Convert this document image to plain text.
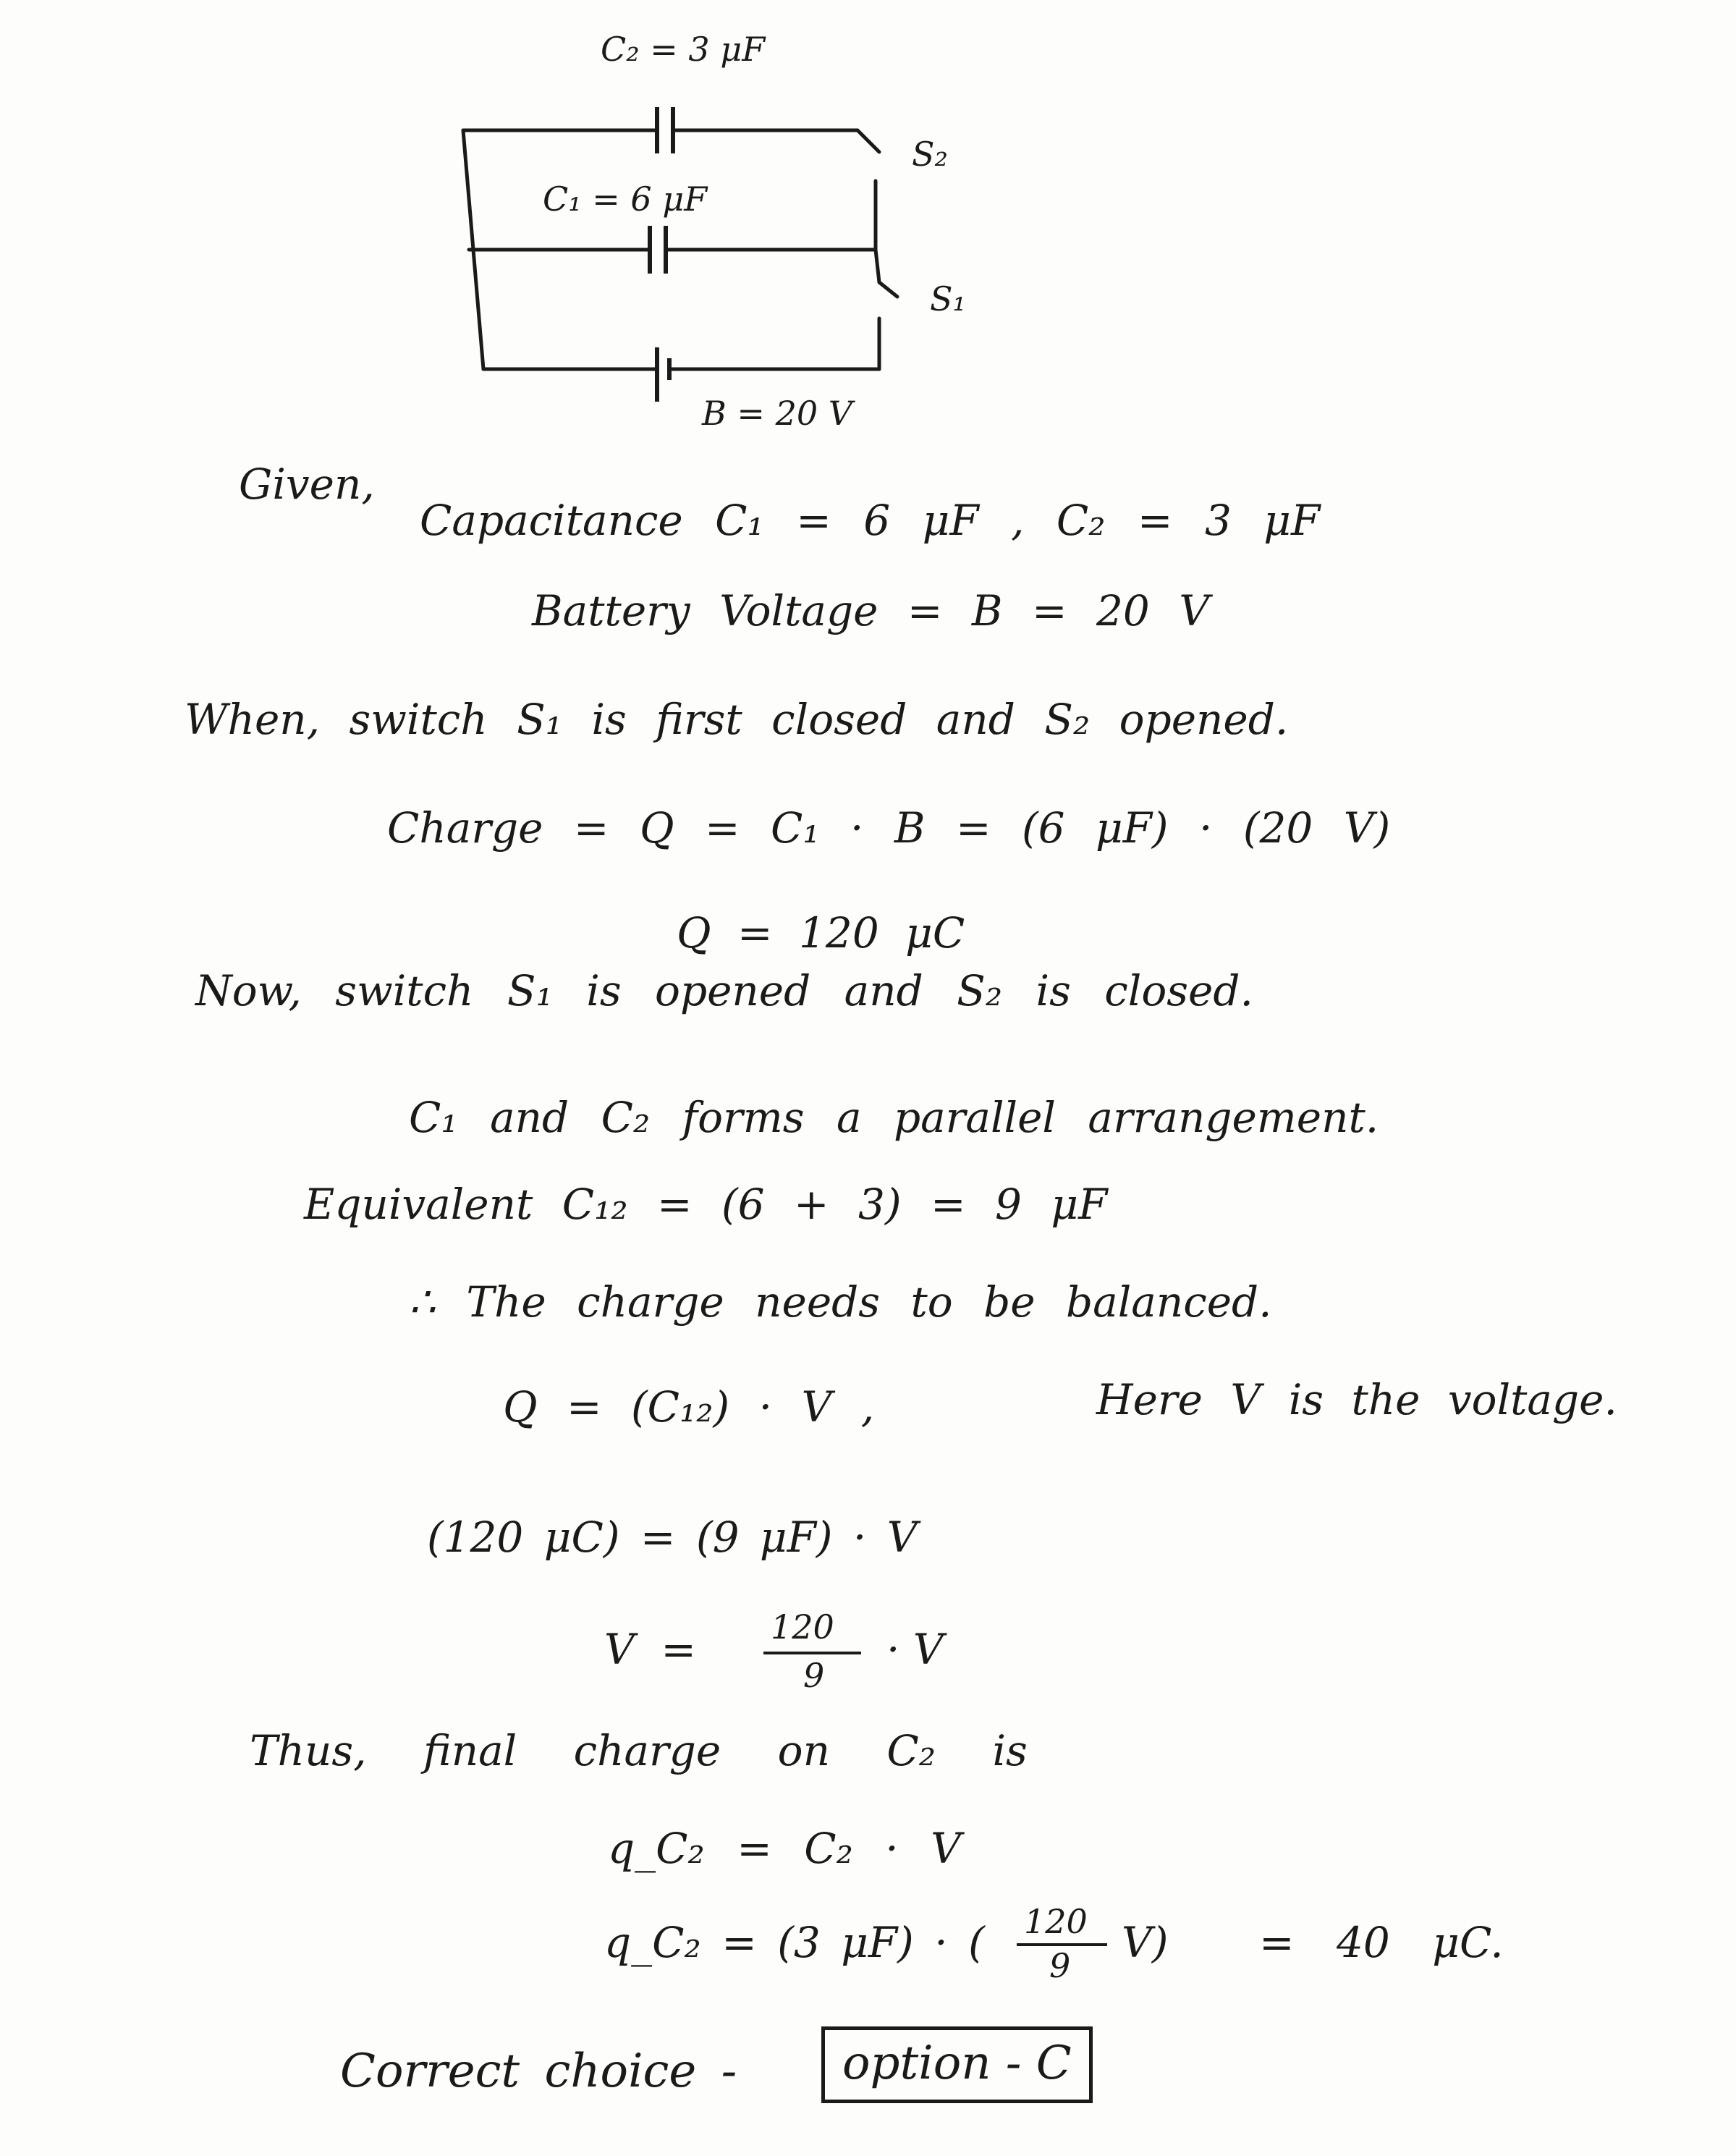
C₂ = 3 μF
S₂
C₁ = 6 μF
S₁
B = 20 V
Given,
Capacitance C₁ = 6 μF , C₂ = 3 μF
Battery Voltage = B = 20 V
When, switch S₁ is first closed and S₂ opened.
Charge = Q = C₁ · B = (6 μF) · (20 V)
Q = 120 μC
Now, switch S₁ is opened and S₂ is closed.
C₁ and C₂ forms a parallel arrangement.
Equivalent C₁₂ = (6 + 3) = 9 μF
∴ The charge needs to be balanced.
Q = (C₁₂) · V ,	Here V is the voltage.
(120 μC) = (9 μF) · V
V = 120
9
· V
Thus, final charge on C₂ is
q_C₂ = C₂ · V
q_C₂ = (3 μF) · ( 120
9 V) = 40 μC.
Correct choice -	option - C
